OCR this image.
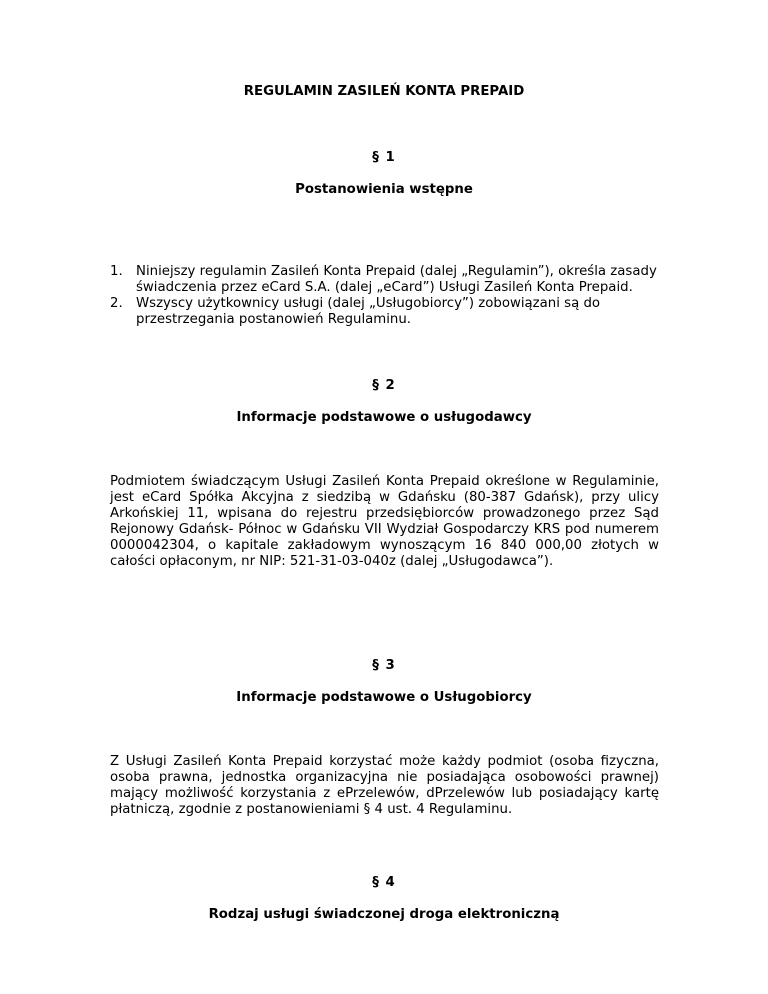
REGULAMIN ZASILEŃ KONTA PREPAID

§ 1

Postanowienia wstępne

1. Niniejszy regulamin Zasileń Konta Prepaid (dalej „Regulamin”), określa zasady świadczenia przez eCard S.A. (dalej „eCard”) Usługi Zasileń Konta Prepaid.
2. Wszyscy użytkownicy usługi (dalej „Usługobiorcy”) zobowiązani są do przestrzegania postanowień Regulaminu.

§ 2

Informacje podstawowe o usługodawcy

Podmiotem świadczącym Usługi Zasileń Konta Prepaid określone w Regulaminie, jest eCard Spółka Akcyjna z siedzibą w Gdańsku (80-387 Gdańsk), przy ulicy Arkońskiej 11, wpisana do rejestru przedsiębiorców prowadzonego przez Sąd Rejonowy Gdańsk- Północ w Gdańsku VII Wydział Gospodarczy KRS pod numerem 0000042304, o kapitale zakładowym wynoszącym 16 840 000,00 złotych w całości opłaconym, nr NIP: 521-31-03-040z (dalej „Usługodawca”).

§ 3

Informacje podstawowe o Usługobiorcy

Z Usługi Zasileń Konta Prepaid korzystać może każdy podmiot (osoba fizyczna, osoba prawna, jednostka organizacyjna nie posiadająca osobowości prawnej) mający możliwość korzystania z ePrzelewów, dPrzelewów lub posiadający kartę płatniczą, zgodnie z postanowieniami § 4 ust. 4 Regulaminu.

§ 4

Rodzaj usługi świadczonej droga elektroniczną
